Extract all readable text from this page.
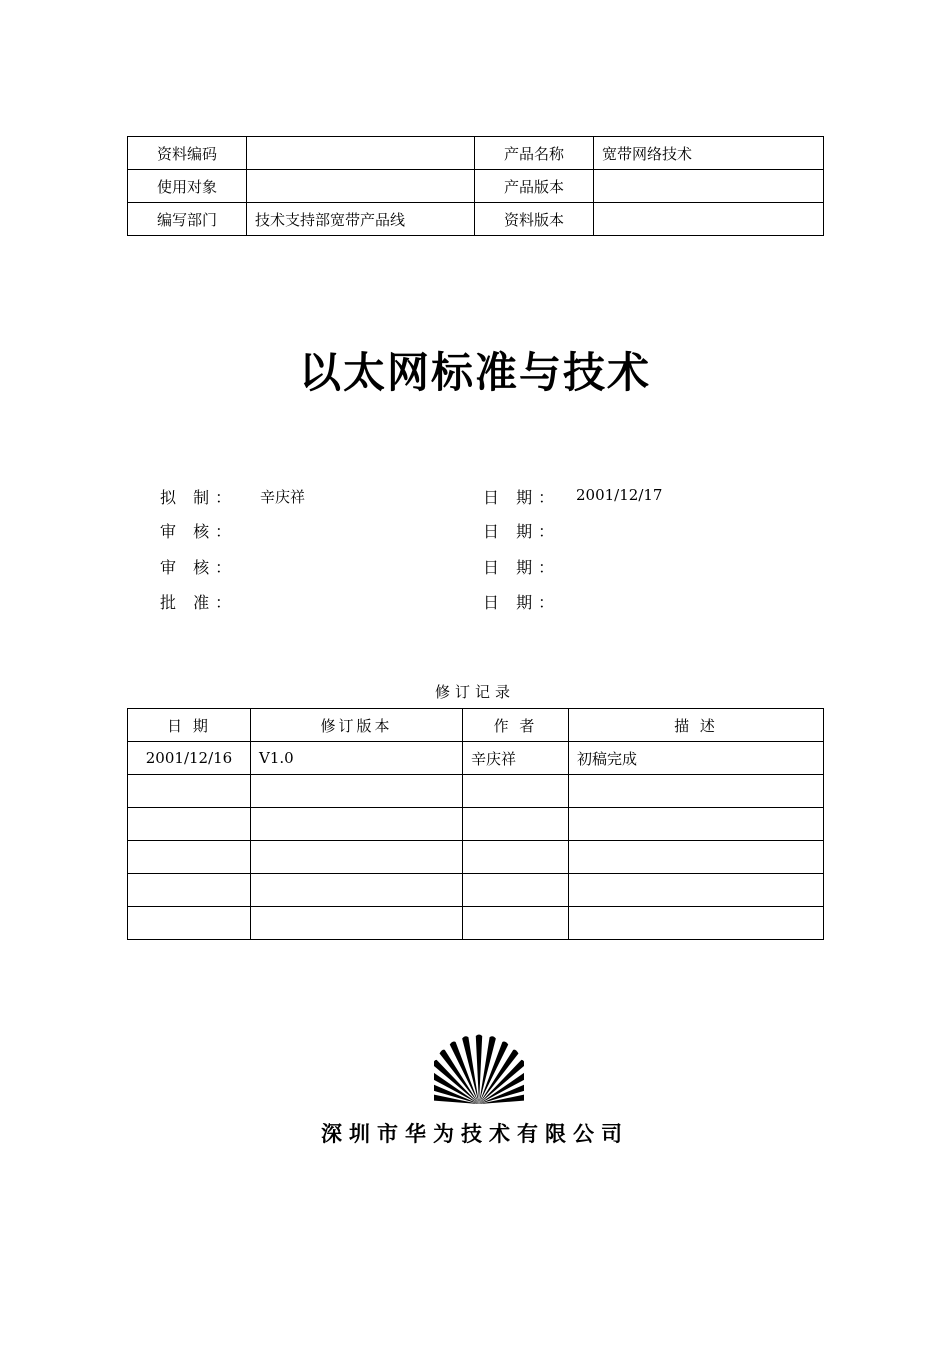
资料编码		产品名称	宽带网络技术
使用对象		产品版本	
编写部门	技术支持部宽带产品线	资料版本	
以太网标准与技术
拟 制： 辛庆祥	日 期： 2001/12/17
审 核：	日 期：
审 核：	日 期：
批 准：	日 期：
修订记录
日 期	修订版本	作 者	描 述
2001/12/16	V1.0	辛庆祥	初稿完成

深圳市华为技术有限公司
